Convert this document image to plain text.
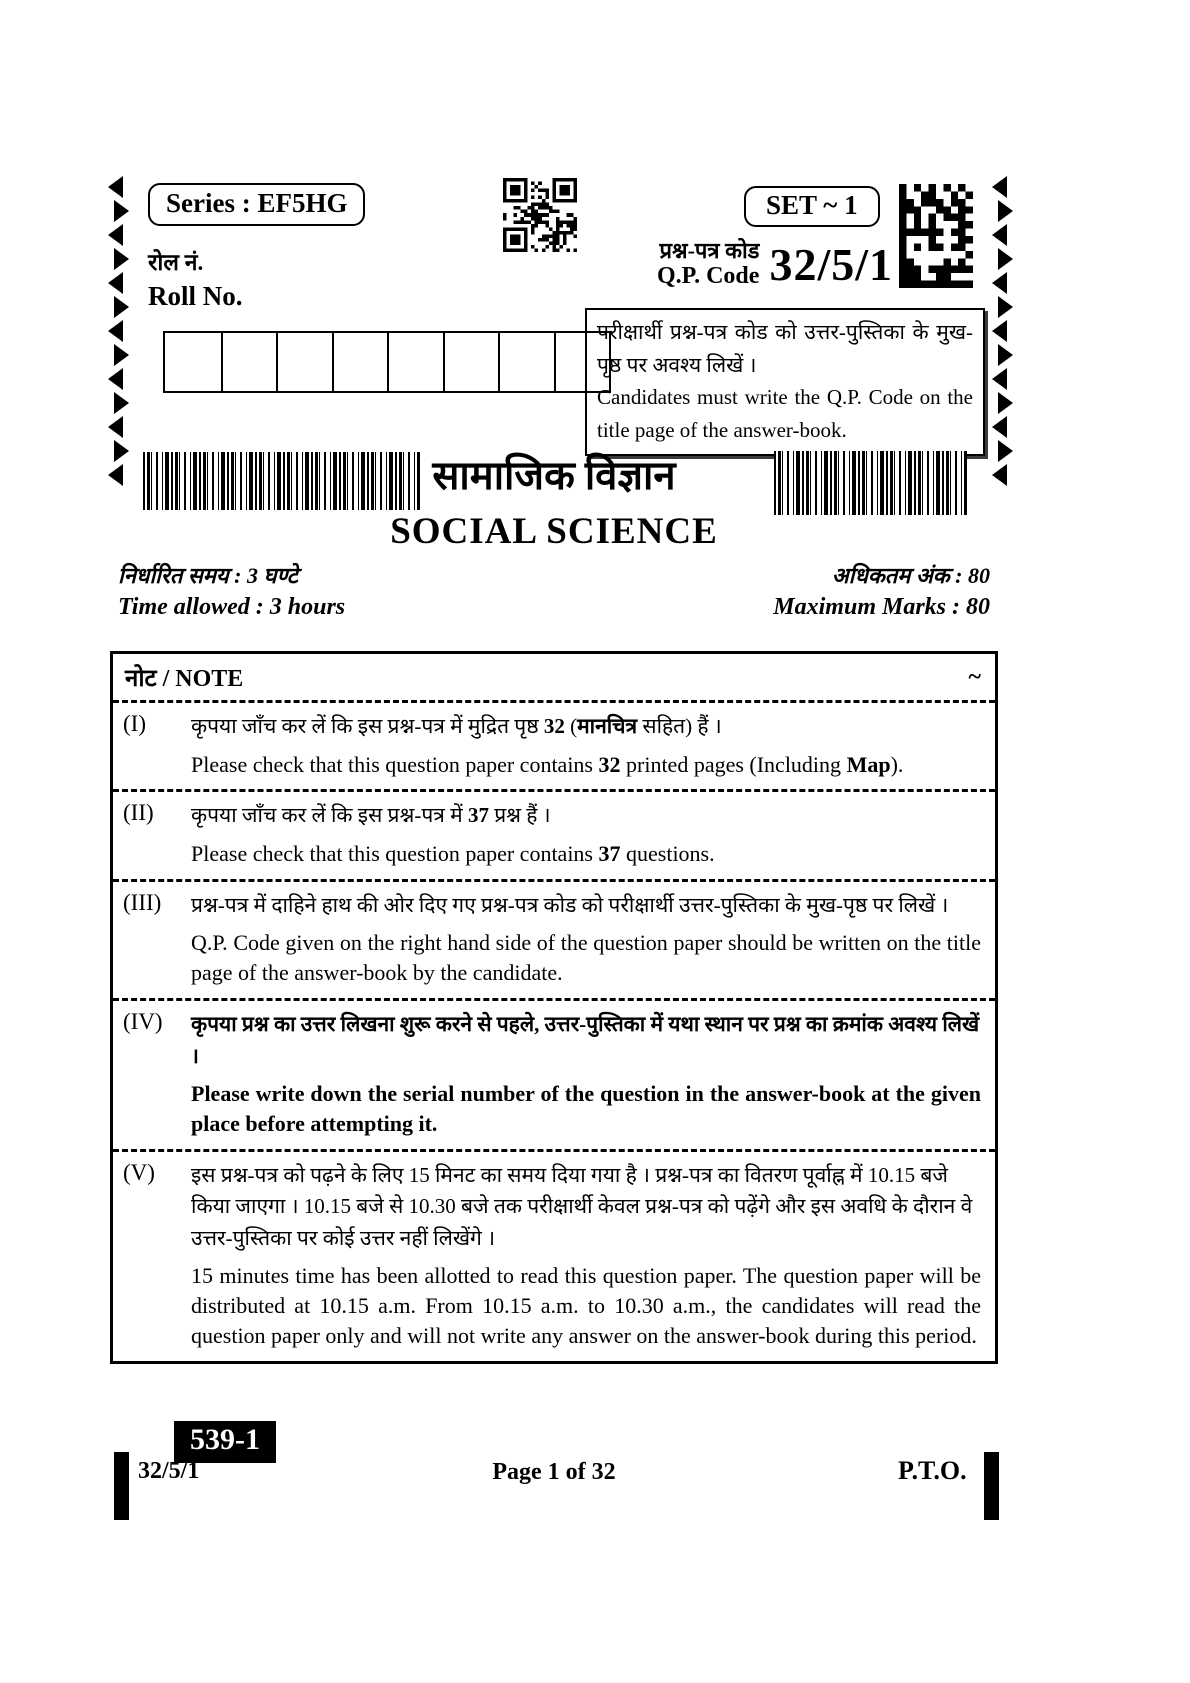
Series : EF5HG	SET ~ 1
रोल नं.
Roll No.
प्रश्न-पत्र कोड
Q.P. Code 32/5/1
परीक्षार्थी प्रश्न-पत्र कोड को उत्तर-पुस्तिका के मुख-पृष्ठ पर अवश्य लिखें ।
Candidates must write the Q.P. Code on the title page of the answer-book.
सामाजिक विज्ञान
SOCIAL SCIENCE
निर्धारित समय : 3 घण्टे	अधिकतम अंक : 80
Time allowed : 3 hours	Maximum Marks : 80
नोट / NOTE	~
(I)	कृपया जाँच कर लें कि इस प्रश्न-पत्र में मुद्रित पृष्ठ 32 (मानचित्र सहित) हैं ।
Please check that this question paper contains 32 printed pages (Including Map).
(II)	कृपया जाँच कर लें कि इस प्रश्न-पत्र में 37 प्रश्न हैं ।
Please check that this question paper contains 37 questions.
(III)	प्रश्न-पत्र में दाहिने हाथ की ओर दिए गए प्रश्न-पत्र कोड को परीक्षार्थी उत्तर-पुस्तिका के मुख-पृष्ठ पर लिखें ।
Q.P. Code given on the right hand side of the question paper should be written on the title page of the answer-book by the candidate.
(IV)	कृपया प्रश्न का उत्तर लिखना शुरू करने से पहले, उत्तर-पुस्तिका में यथा स्थान पर प्रश्न का क्रमांक अवश्य लिखें ।
Please write down the serial number of the question in the answer-book at the given place before attempting it.
(V)	इस प्रश्न-पत्र को पढ़ने के लिए 15 मिनट का समय दिया गया है । प्रश्न-पत्र का वितरण पूर्वाह्न में 10.15 बजे किया जाएगा । 10.15 बजे से 10.30 बजे तक परीक्षार्थी केवल प्रश्न-पत्र को पढ़ेंगे और इस अवधि के दौरान वे उत्तर-पुस्तिका पर कोई उत्तर नहीं लिखेंगे ।
15 minutes time has been allotted to read this question paper. The question paper will be distributed at 10.15 a.m. From 10.15 a.m. to 10.30 a.m., the candidates will read the question paper only and will not write any answer on the answer-book during this period.
539-1
32/5/1	Page 1 of 32	P.T.O.
